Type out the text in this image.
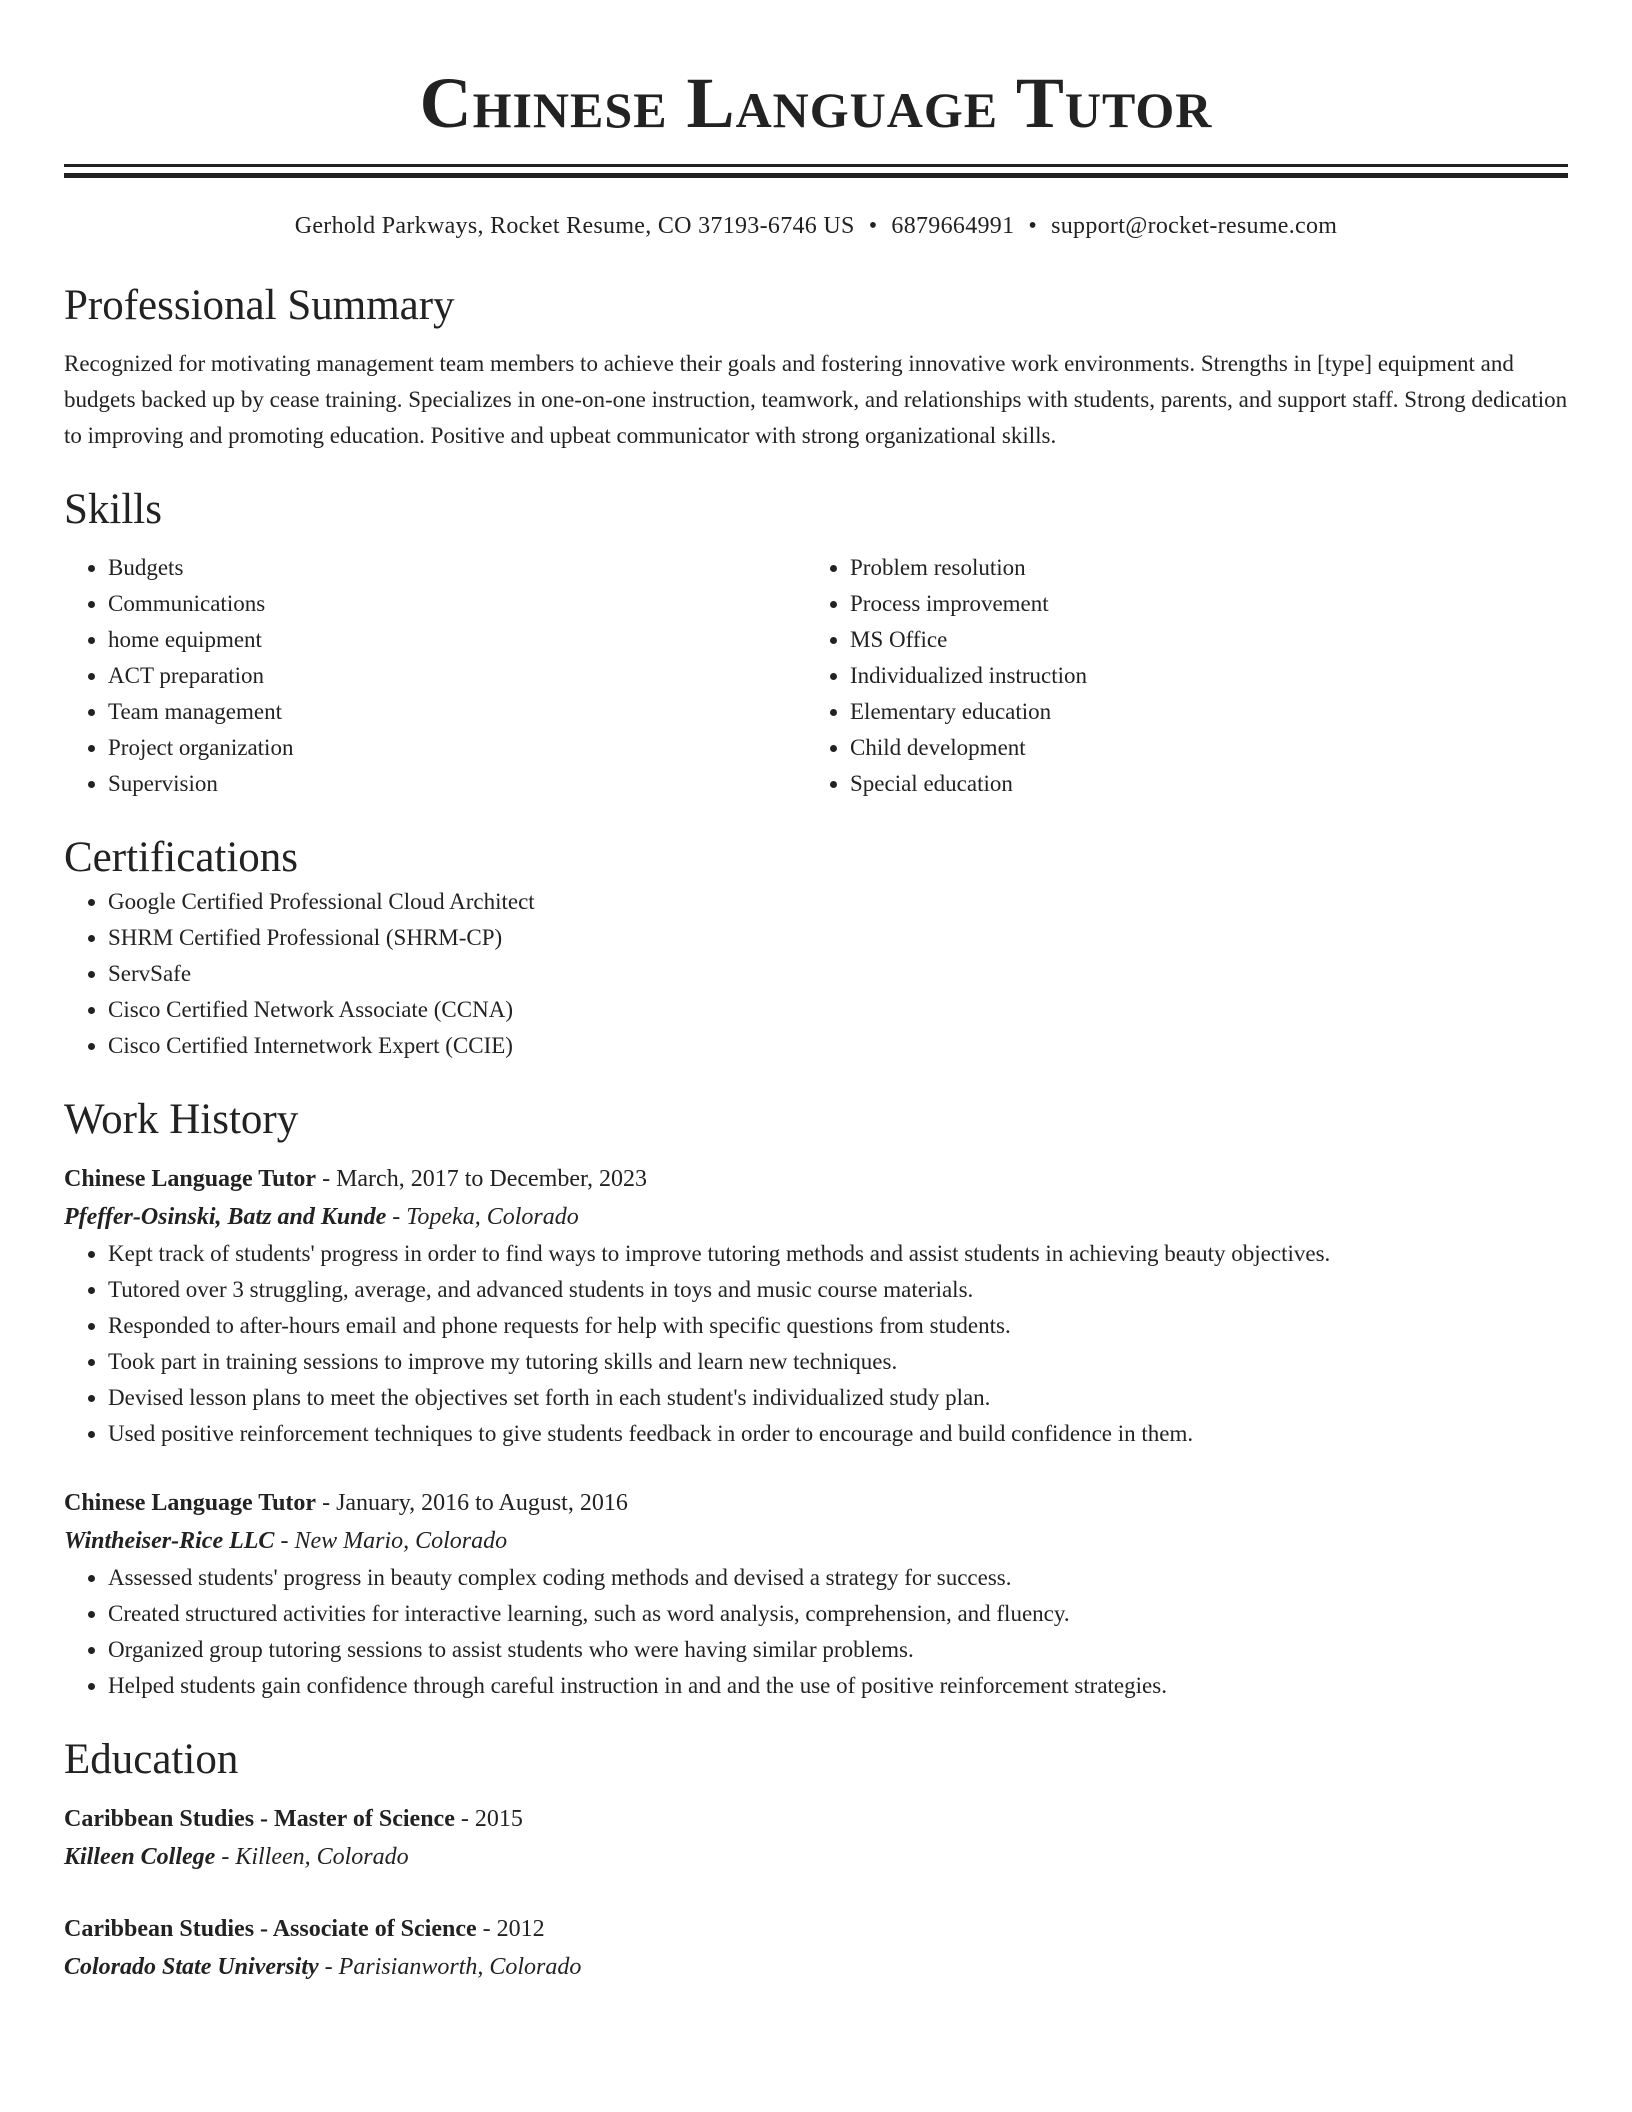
Chinese Language Tutor
Gerhold Parkways, Rocket Resume, CO 37193-6746 US • 6879664991 • support@rocket-resume.com
Professional Summary

Recognized for motivating management team members to achieve their goals and fostering innovative work environments. Strengths in [type] equipment and budgets backed up by cease training. Specializes in one-on-one instruction, teamwork, and relationships with students, parents, and support staff. Strong dedication to improving and promoting education. Positive and upbeat communicator with strong organizational skills.

Skills
• Budgets
• Communications
• home equipment
• ACT preparation
• Team management
• Project organization
• Supervision
• Problem resolution
• Process improvement
• MS Office
• Individualized instruction
• Elementary education
• Child development
• Special education
Certifications
• Google Certified Professional Cloud Architect
• SHRM Certified Professional (SHRM-CP)
• ServSafe
• Cisco Certified Network Associate (CCNA)
• Cisco Certified Internetwork Expert (CCIE)
Work History
Chinese Language Tutor - March, 2017 to December, 2023
Pfeffer-Osinski, Batz and Kunde - Topeka, Colorado
• Kept track of students' progress in order to find ways to improve tutoring methods and assist students in achieving beauty objectives.
• Tutored over 3 struggling, average, and advanced students in toys and music course materials.
• Responded to after-hours email and phone requests for help with specific questions from students.
• Took part in training sessions to improve my tutoring skills and learn new techniques.
• Devised lesson plans to meet the objectives set forth in each student's individualized study plan.
• Used positive reinforcement techniques to give students feedback in order to encourage and build confidence in them.
Chinese Language Tutor - January, 2016 to August, 2016
Wintheiser-Rice LLC - New Mario, Colorado
• Assessed students' progress in beauty complex coding methods and devised a strategy for success.
• Created structured activities for interactive learning, such as word analysis, comprehension, and fluency.
• Organized group tutoring sessions to assist students who were having similar problems.
• Helped students gain confidence through careful instruction in and and the use of positive reinforcement strategies.
Education
Caribbean Studies - Master of Science - 2015
Killeen College - Killeen, Colorado
Caribbean Studies - Associate of Science - 2012
Colorado State University - Parisianworth, Colorado
